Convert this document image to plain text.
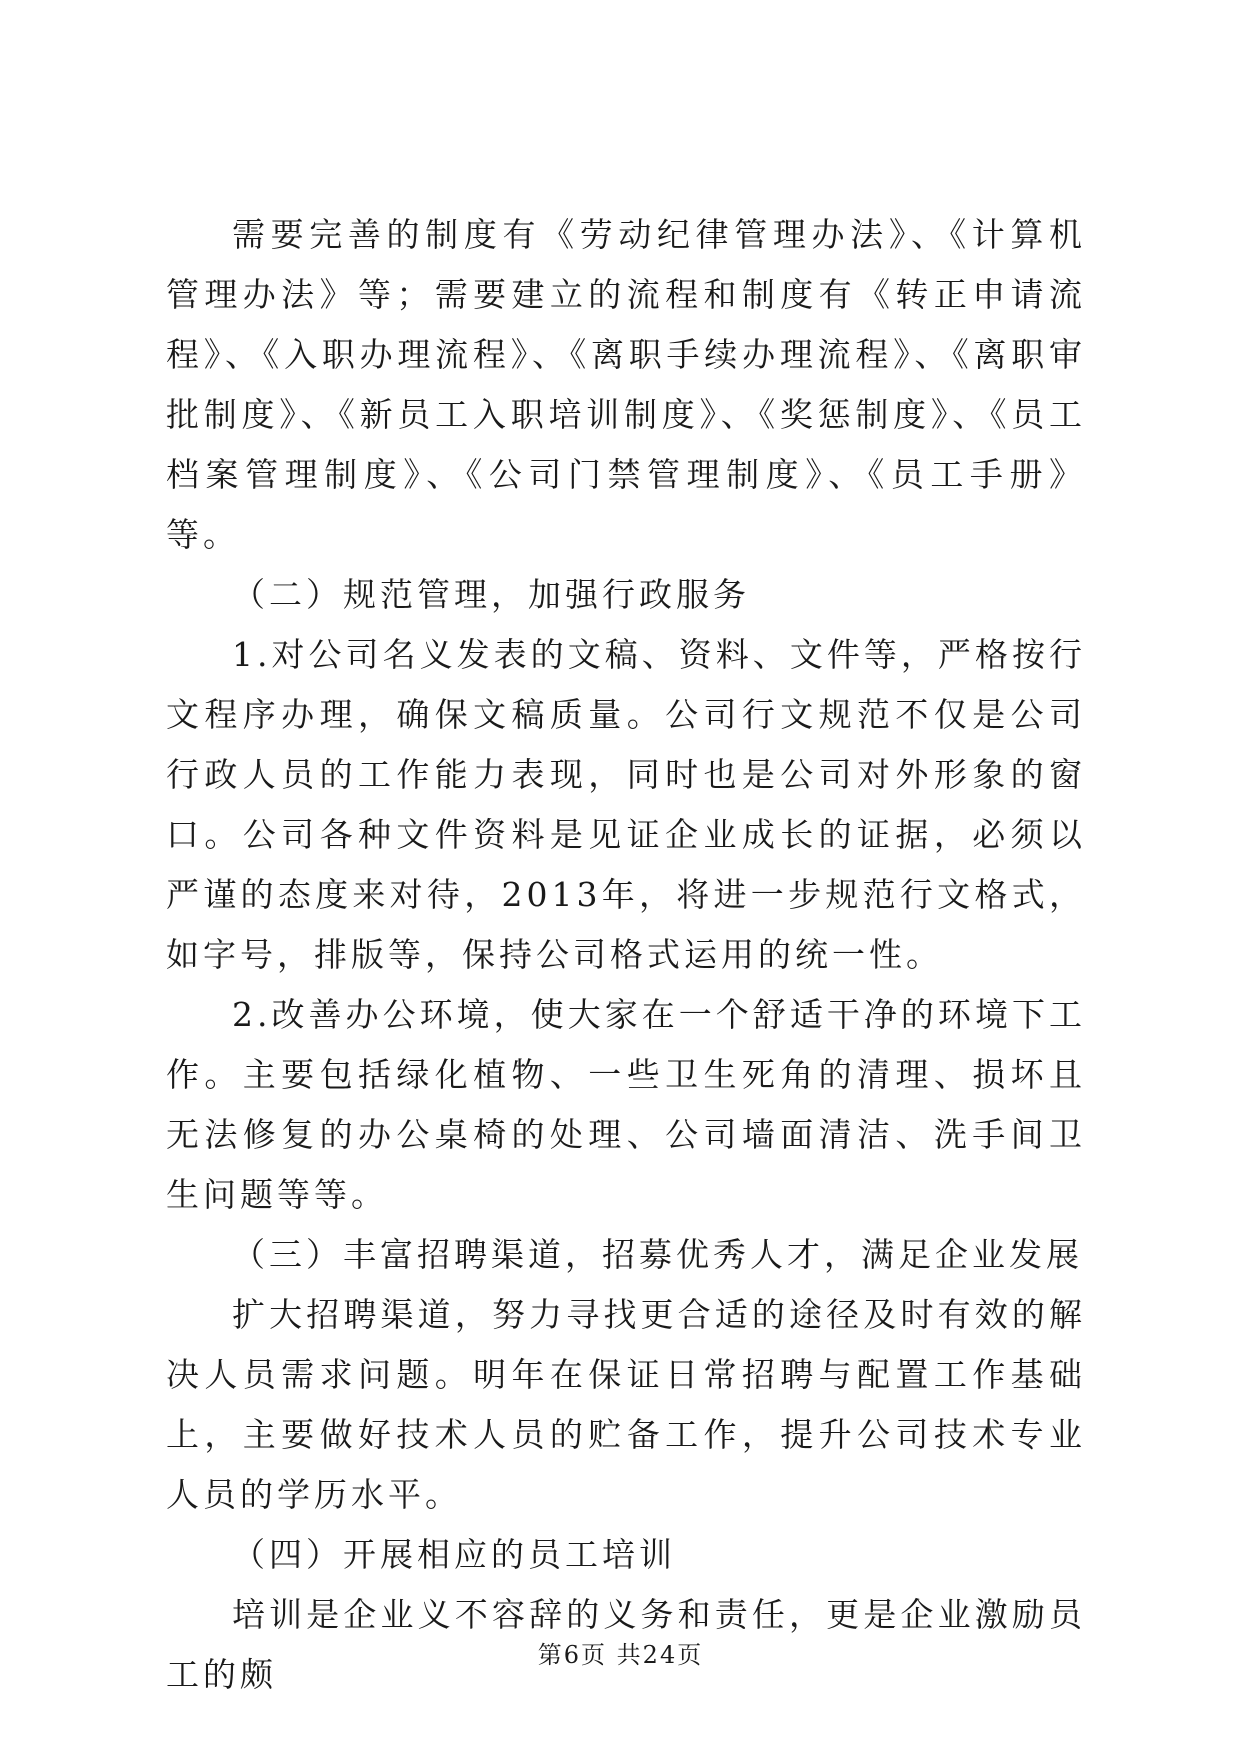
需要完善的制度有《劳动纪律管理办法》、《计算机管理办法》等；需要建立的流程和制度有《转正申请流程》、《入职办理流程》、《离职手续办理流程》、《离职审批制度》、《新员工入职培训制度》、《奖惩制度》、《员工档案管理制度》、《公司门禁管理制度》、《员工手册》等。

（二）规范管理，加强行政服务

1.对公司名义发表的文稿、资料、文件等，严格按行文程序办理，确保文稿质量。公司行文规范不仅是公司行政人员的工作能力表现，同时也是公司对外形象的窗口。公司各种文件资料是见证企业成长的证据，必须以严谨的态度来对待，2013年，将进一步规范行文格式，如字号，排版等，保持公司格式运用的统一性。

2.改善办公环境，使大家在一个舒适干净的环境下工作。主要包括绿化植物、一些卫生死角的清理、损坏且无法修复的办公桌椅的处理、公司墙面清洁、洗手间卫生问题等等。

（三）丰富招聘渠道，招募优秀人才，满足企业发展

扩大招聘渠道，努力寻找更合适的途径及时有效的解决人员需求问题。明年在保证日常招聘与配置工作基础上，主要做好技术人员的贮备工作，提升公司技术专业人员的学历水平。

（四）开展相应的员工培训

培训是企业义不容辞的义务和责任，更是企业激励员工的颇	第6页 共24页
